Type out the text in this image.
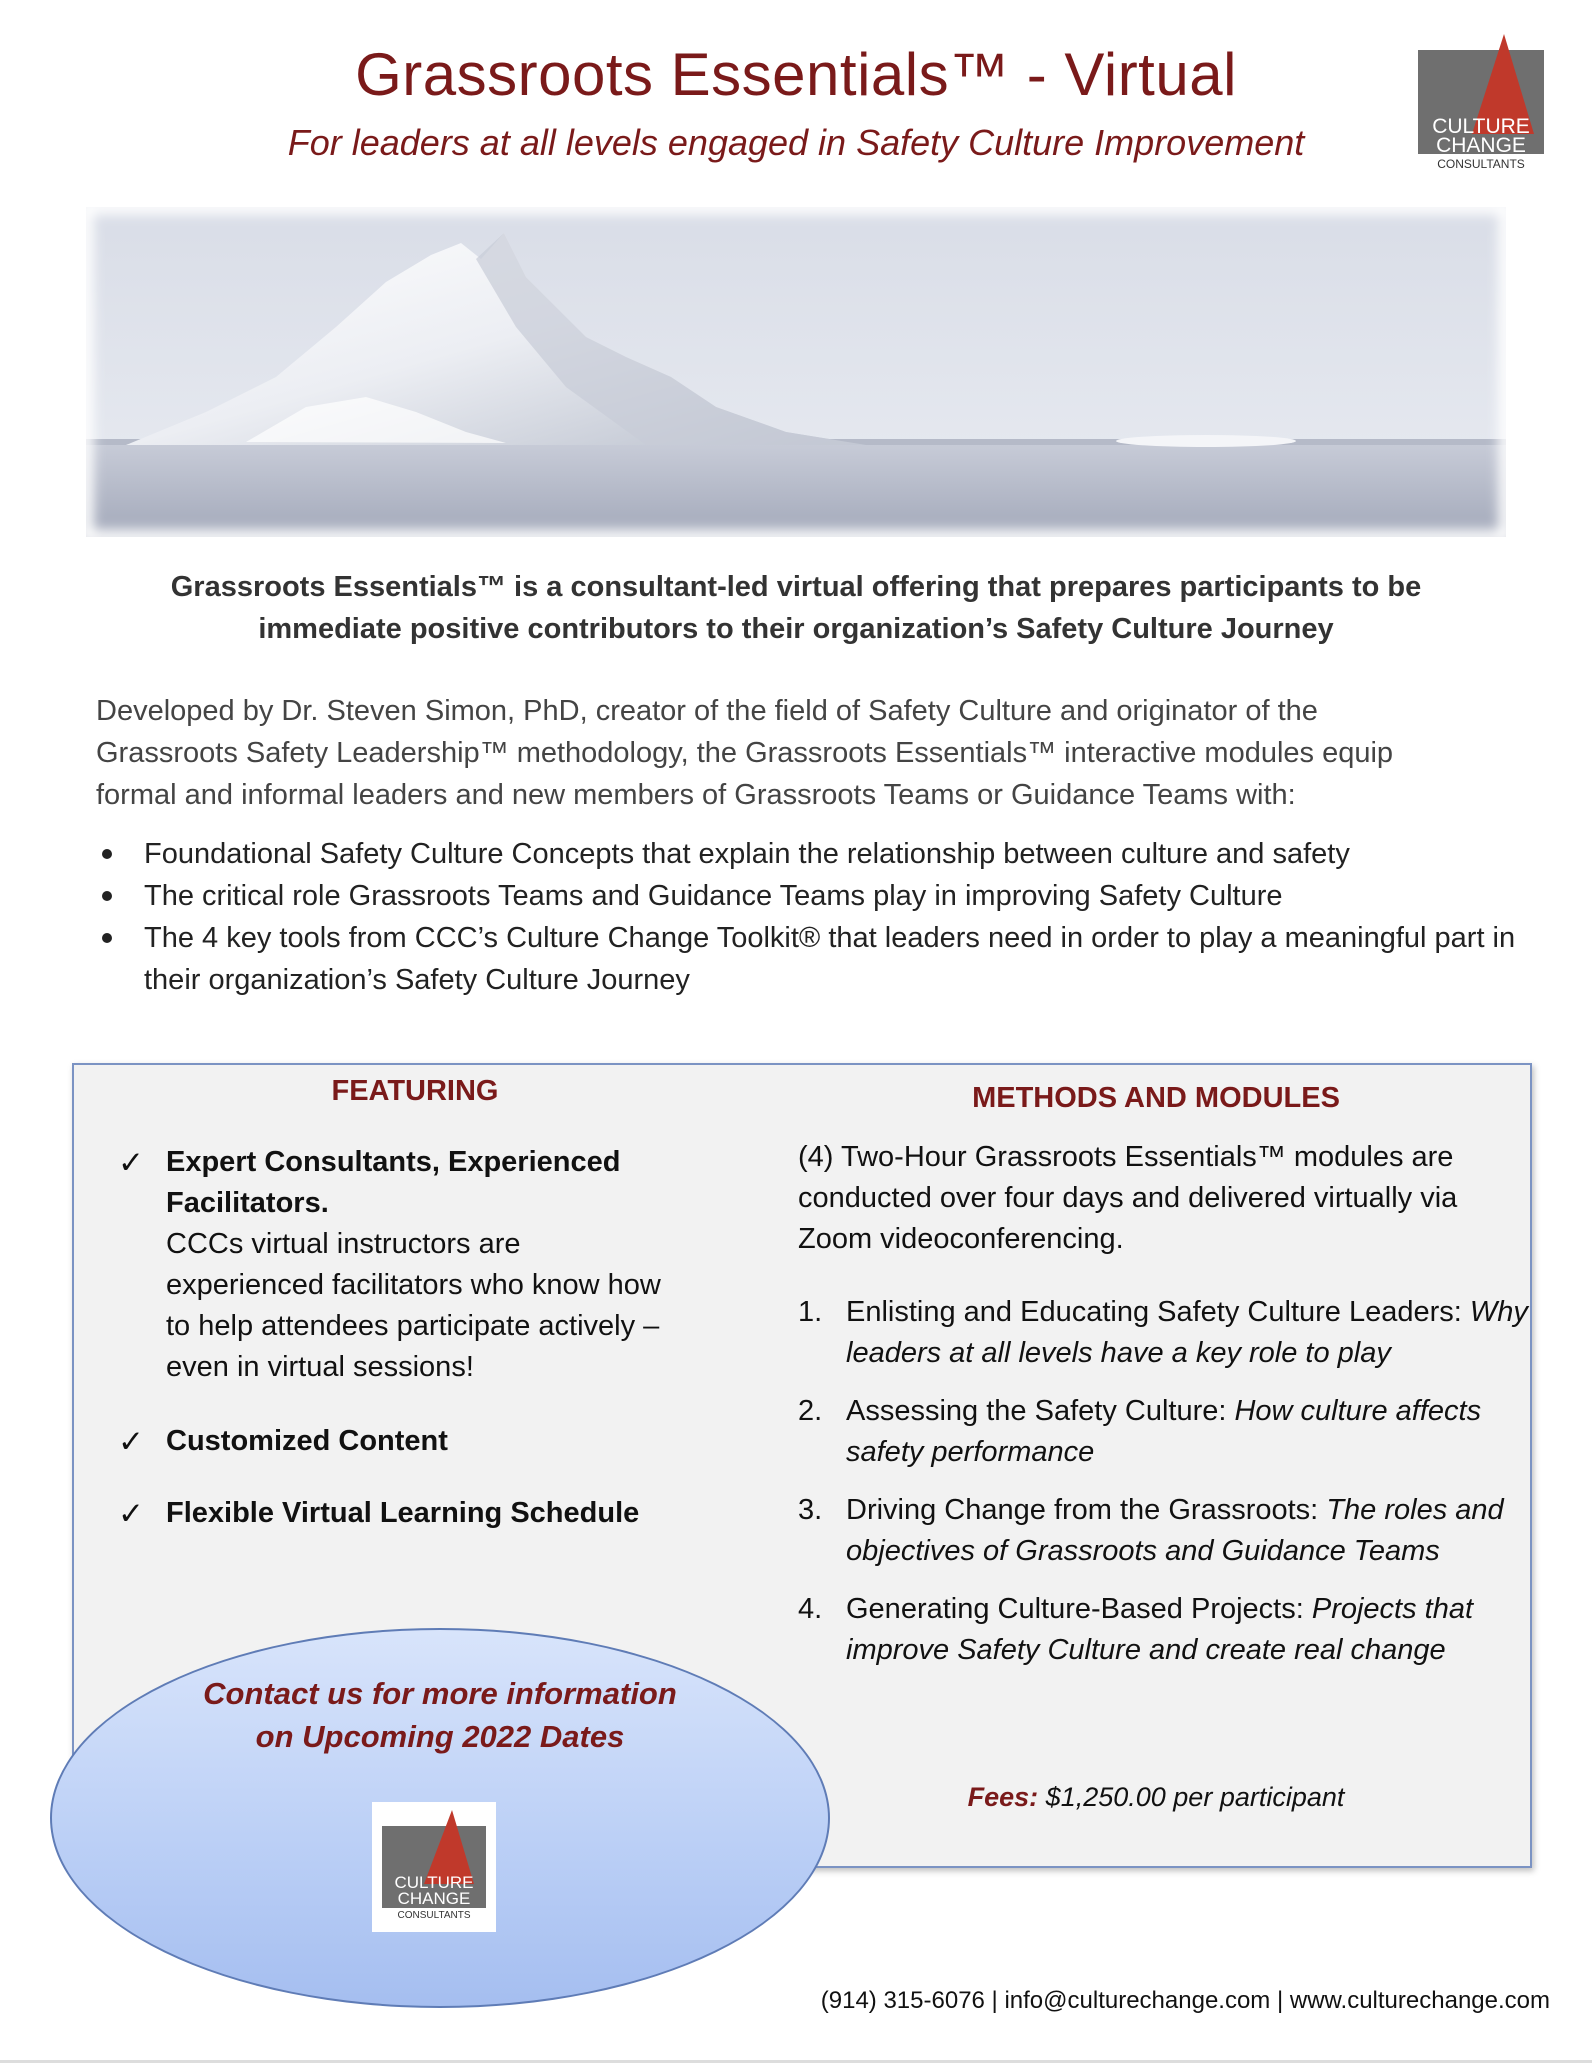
Grassroots Essentials™ - Virtual
For leaders at all levels engaged in Safety Culture Improvement	CULTURE
CHANGE
CONSULTANTS
Grassroots Essentials™ is a consultant-led virtual offering that prepares participants to be
immediate positive contributors to their organization’s Safety Culture Journey
Developed by Dr. Steven Simon, PhD, creator of the field of Safety Culture and originator of the
Grassroots Safety Leadership™ methodology, the Grassroots Essentials™ interactive modules equip
formal and informal leaders and new members of Grassroots Teams or Guidance Teams with:
Foundational Safety Culture Concepts that explain the relationship between culture and safety
The critical role Grassroots Teams and Guidance Teams play in improving Safety Culture
The 4 key tools from CCC’s Culture Change Toolkit® that leaders need in order to play a meaningful part in their organization’s Safety Culture Journey
FEATURING	METHODS AND MODULES
✓ Expert Consultants, Experienced Facilitators.
CCCs virtual instructors are experienced facilitators who know how to help attendees participate actively – even in virtual sessions!
✓ Customized Content
✓ Flexible Virtual Learning Schedule
(4) Two-Hour Grassroots Essentials™ modules are conducted over four days and delivered virtually via Zoom videoconferencing.
1. Enlisting and Educating Safety Culture Leaders: Why leaders at all levels have a key role to play
2. Assessing the Safety Culture: How culture affects safety performance
3. Driving Change from the Grassroots: The roles and objectives of Grassroots and Guidance Teams
4. Generating Culture-Based Projects: Projects that improve Safety Culture and create real change
Fees: $1,250.00 per participant
Contact us for more information
on Upcoming 2022 Dates
CULTURE
CHANGE
CONSULTANTS
(914) 315-6076 | info@culturechange.com | www.culturechange.com
